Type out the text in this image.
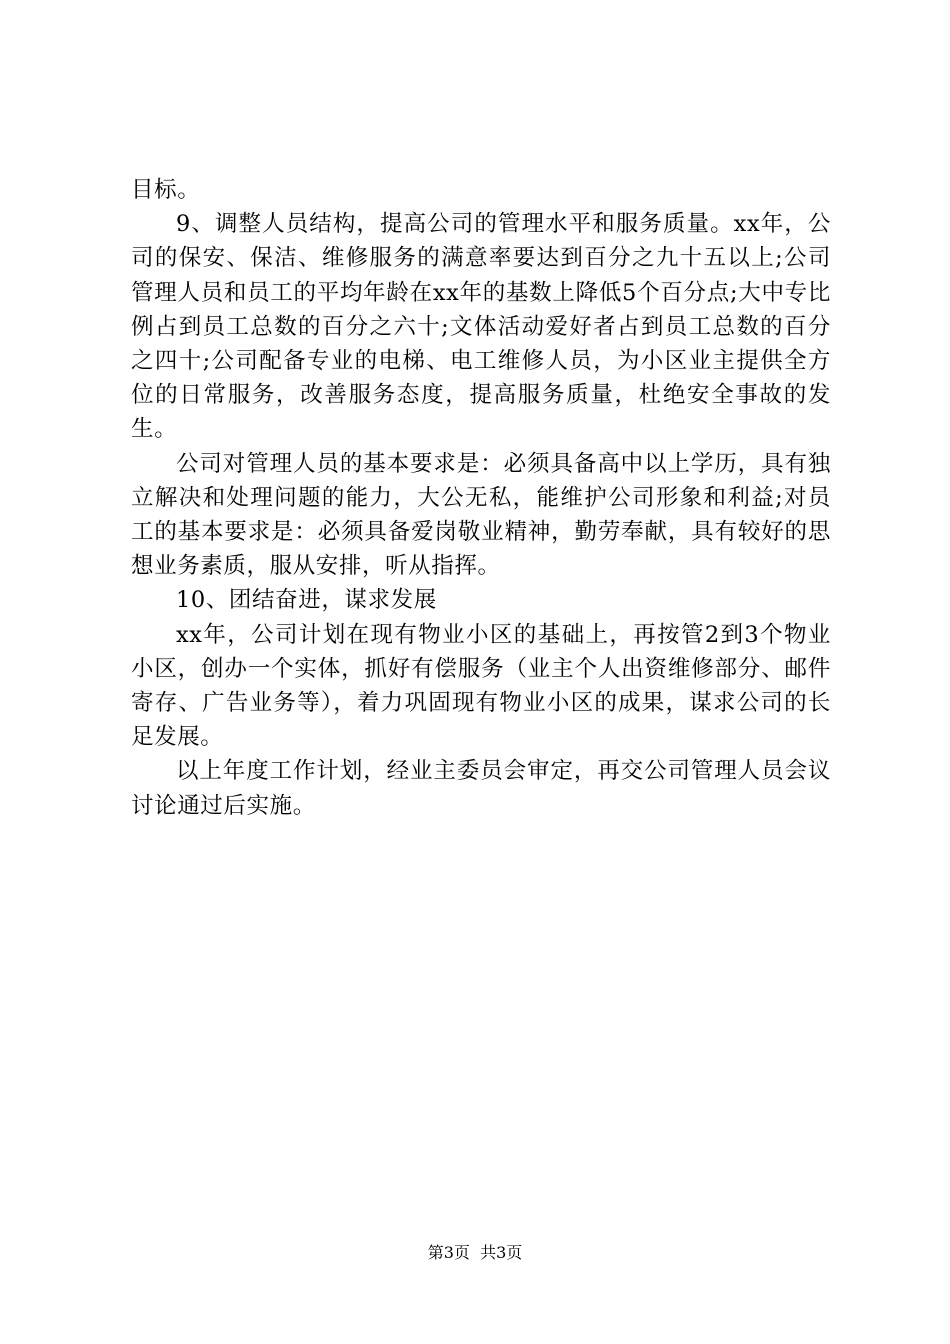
目标。

9、调整人员结构，提高公司的管理水平和服务质量。xx年，公司的保安、保洁、维修服务的满意率要达到百分之九十五以上;公司管理人员和员工的平均年龄在xx年的基数上降低5个百分点;大中专比例占到员工总数的百分之六十;文体活动爱好者占到员工总数的百分之四十;公司配备专业的电梯、电工维修人员，为小区业主提供全方位的日常服务，改善服务态度，提高服务质量，杜绝安全事故的发生。

公司对管理人员的基本要求是：必须具备高中以上学历，具有独立解决和处理问题的能力，大公无私，能维护公司形象和利益;对员工的基本要求是：必须具备爱岗敬业精神，勤劳奉献，具有较好的思想业务素质，服从安排，听从指挥。

10、团结奋进，谋求发展

xx年，公司计划在现有物业小区的基础上，再按管2到3个物业小区，创办一个实体，抓好有偿服务（业主个人出资维修部分、邮件寄存、广告业务等），着力巩固现有物业小区的成果，谋求公司的长足发展。

以上年度工作计划，经业主委员会审定，再交公司管理人员会议讨论通过后实施。

第3页  共3页
